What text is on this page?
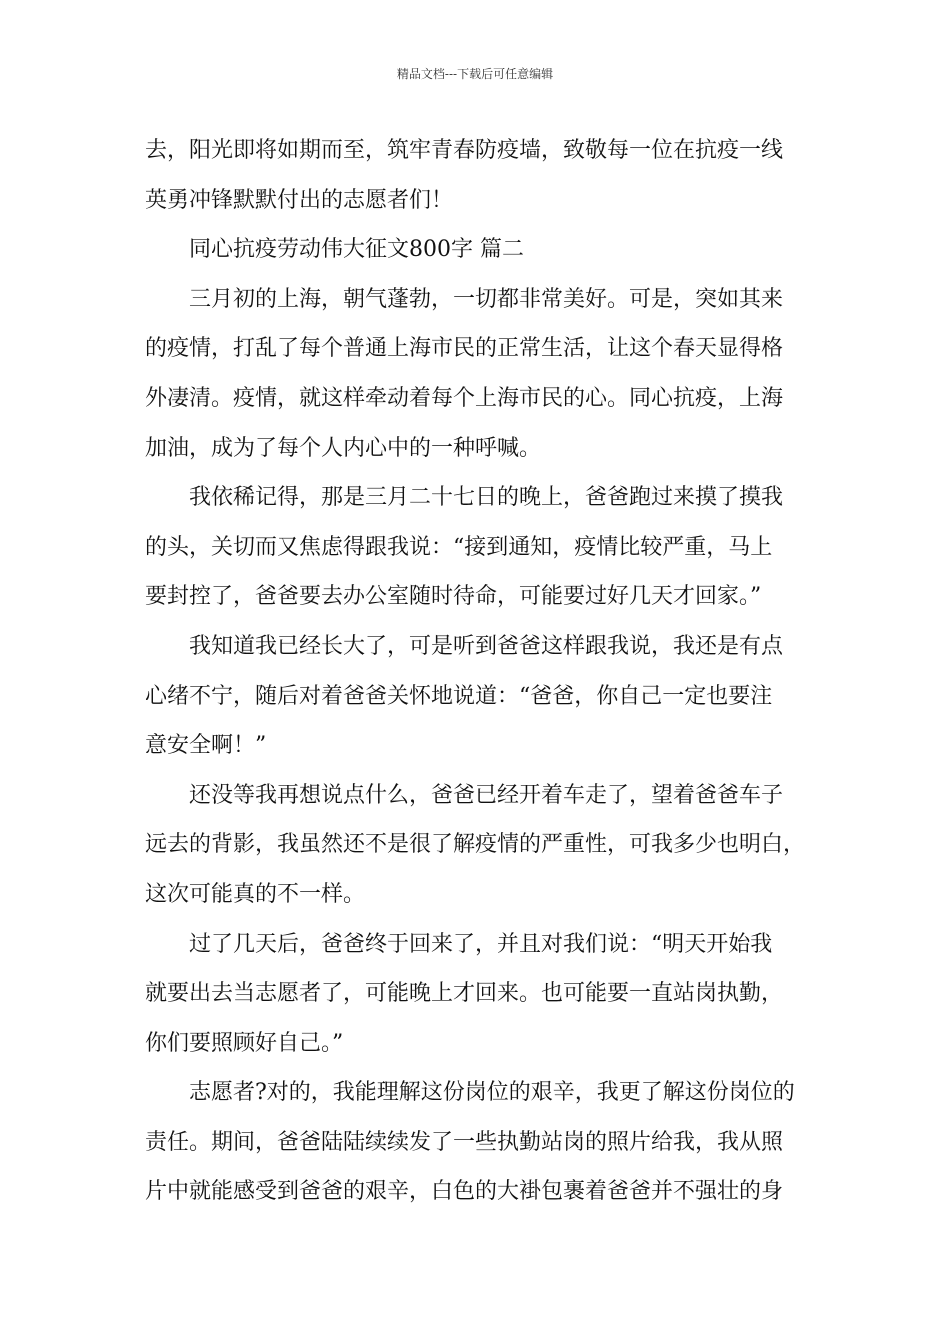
精品文档---下载后可任意编辑
去，阳光即将如期而至，筑牢青春防疫墙，致敬每一位在抗疫一线
英勇冲锋默默付出的志愿者们！
同心抗疫劳动伟大征文800字 篇二
三月初的上海，朝气蓬勃，一切都非常美好。可是，突如其来
的疫情，打乱了每个普通上海市民的正常生活，让这个春天显得格
外凄清。疫情，就这样牵动着每个上海市民的心。同心抗疫，上海
加油，成为了每个人内心中的一种呼喊。
我依稀记得，那是三月二十七日的晚上，爸爸跑过来摸了摸我
的头，关切而又焦虑得跟我说：“接到通知，疫情比较严重，马上
要封控了，爸爸要去办公室随时待命，可能要过好几天才回家。”
我知道我已经长大了，可是听到爸爸这样跟我说，我还是有点
心绪不宁，随后对着爸爸关怀地说道：“爸爸，你自己一定也要注
意安全啊！”
还没等我再想说点什么，爸爸已经开着车走了，望着爸爸车子
远去的背影，我虽然还不是很了解疫情的严重性，可我多少也明白，
这次可能真的不一样。
过了几天后，爸爸终于回来了，并且对我们说：“明天开始我
就要出去当志愿者了，可能晚上才回来。也可能要一直站岗执勤，
你们要照顾好自己。”
志愿者?对的，我能理解这份岗位的艰辛，我更了解这份岗位的
责任。期间，爸爸陆陆续续发了一些执勤站岗的照片给我，我从照
片中就能感受到爸爸的艰辛，白色的大褂包裹着爸爸并不强壮的身
